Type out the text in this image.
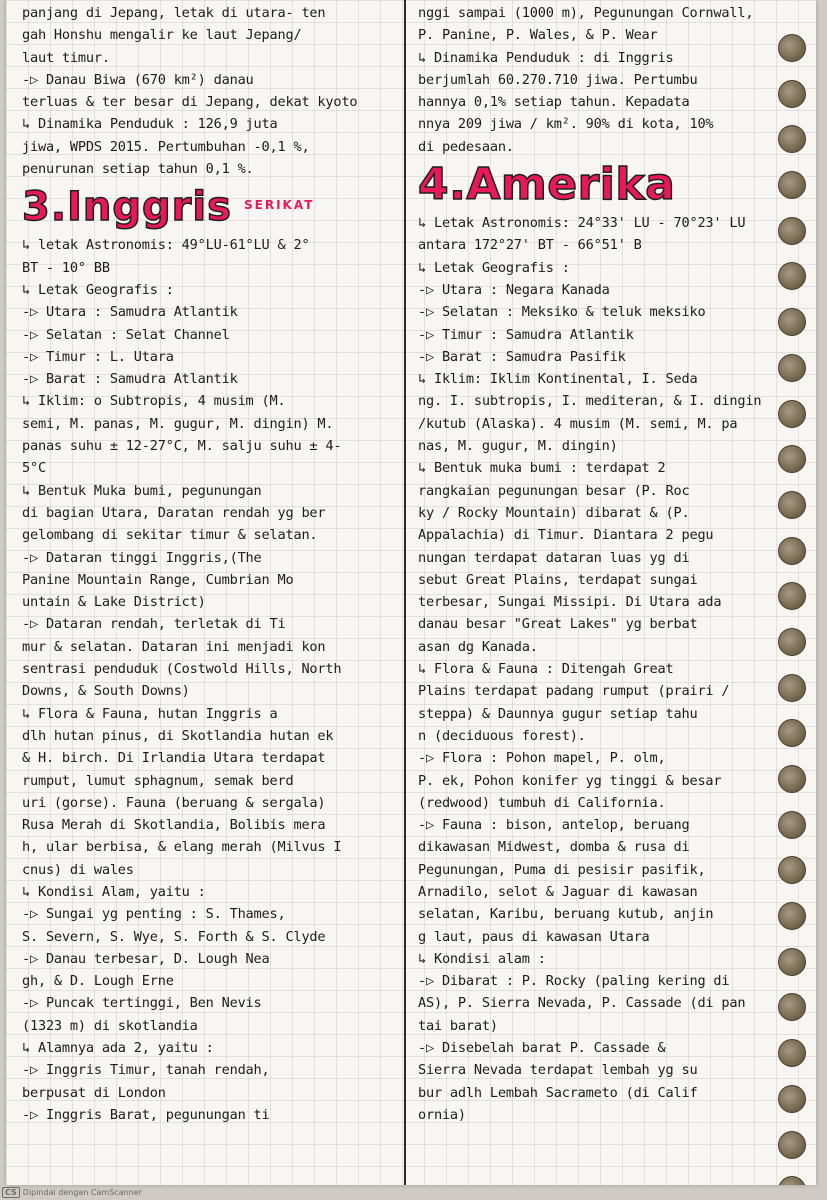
panjang di Jepang, letak di utara- ten
gah Honshu mengalir ke laut Jepang/
laut timur.
-▷ Danau Biwa (670 km²) danau
terluas & ter besar di Jepang, dekat kyoto
↳ Dinamika Penduduk : 126,9 juta
jiwa, WPDS 2015. Pertumbuhan -0,1 %,
penurunan setiap tahun 0,1 %.
3.Inggris
↳ letak Astronomis: 49°LU-61°LU & 2°
BT - 10° BB
↳ Letak Geografis :
-▷ Utara : Samudra Atlantik
-▷ Selatan : Selat Channel
-▷ Timur : L. Utara
-▷ Barat : Samudra Atlantik
↳ Iklim: o Subtropis, 4 musim (M.
semi, M. panas, M. gugur, M. dingin) M.
panas suhu ± 12-27°C, M. salju suhu ± 4-
5°C
↳ Bentuk Muka bumi, pegunungan
di bagian Utara, Daratan rendah yg ber
gelombang di sekitar timur & selatan.
-▷ Dataran tinggi Inggris,(The
Panine Mountain Range, Cumbrian Mo
untain & Lake District)
-▷ Dataran rendah, terletak di Ti
mur & selatan. Dataran ini menjadi kon
sentrasi penduduk (Costwold Hills, North
Downs, & South Downs)
↳ Flora & Fauna, hutan Inggris a
dlh hutan pinus, di Skotlandia hutan ek
& H. birch. Di Irlandia Utara terdapat
rumput, lumut sphagnum, semak berd
uri (gorse). Fauna (beruang & sergala)
Rusa Merah di Skotlandia, Bolibis mera
h, ular berbisa, & elang merah (Milvus I
cnus) di wales
↳ Kondisi Alam, yaitu :
-▷ Sungai yg penting : S. Thames,
S. Severn, S. Wye, S. Forth & S. Clyde
-▷ Danau terbesar, D. Lough Nea
gh, & D. Lough Erne
-▷ Puncak tertinggi, Ben Nevis
(1323 m) di skotlandia
↳ Alamnya ada 2, yaitu :
-▷ Inggris Timur, tanah rendah,
berpusat di London
-▷ Inggris Barat, pegunungan ti
nggi sampai (1000 m), Pegunungan Cornwall,
P. Panine, P. Wales, & P. Wear
↳ Dinamika Penduduk : di Inggris
berjumlah 60.270.710 jiwa. Pertumbu
hannya 0,1% setiap tahun. Kepadata
nnya 209 jiwa / km². 90% di kota, 10%
di pedesaan.
4.Amerika
↳ Letak Astronomis: 24°33' LU - 70°23' LU
antara 172°27' BT - 66°51' B
↳ Letak Geografis :
-▷ Utara : Negara Kanada
-▷ Selatan : Meksiko & teluk meksiko
-▷ Timur : Samudra Atlantik
-▷ Barat : Samudra Pasifik
↳ Iklim: Iklim Kontinental, I. Seda
ng. I. subtropis, I. mediteran, & I. dingin
/kutub (Alaska). 4 musim (M. semi, M. pa
nas, M. gugur, M. dingin)
↳ Bentuk muka bumi : terdapat 2
rangkaian pegunungan besar (P. Roc
ky / Rocky Mountain) dibarat & (P.
Appalachia) di Timur. Diantara 2 pegu
nungan terdapat dataran luas yg di
sebut Great Plains, terdapat sungai
terbesar, Sungai Missipi. Di Utara ada
danau besar "Great Lakes" yg berbat
asan dg Kanada.
↳ Flora & Fauna : Ditengah Great
Plains terdapat padang rumput (prairi /
steppa) & Daunnya gugur setiap tahu
n (deciduous forest).
-▷ Flora : Pohon mapel, P. olm,
P. ek, Pohon konifer yg tinggi & besar
(redwood) tumbuh di California.
-▷ Fauna : bison, antelop, beruang
dikawasan Midwest, domba & rusa di
Pegunungan, Puma di pesisir pasifik,
Arnadilo, selot & Jaguar di kawasan
selatan, Karibu, beruang kutub, anjin
g laut, paus di kawasan Utara
↳ Kondisi alam :
-▷ Dibarat : P. Rocky (paling kering di
AS), P. Sierra Nevada, P. Cassade (di pan
tai barat)
-▷ Disebelah barat P. Cassade &
Sierra Nevada terdapat lembah yg su
bur adlh Lembah Sacrameto (di Calif
ornia)
SERIKAT
CS Dipindai dengan CamScanner
